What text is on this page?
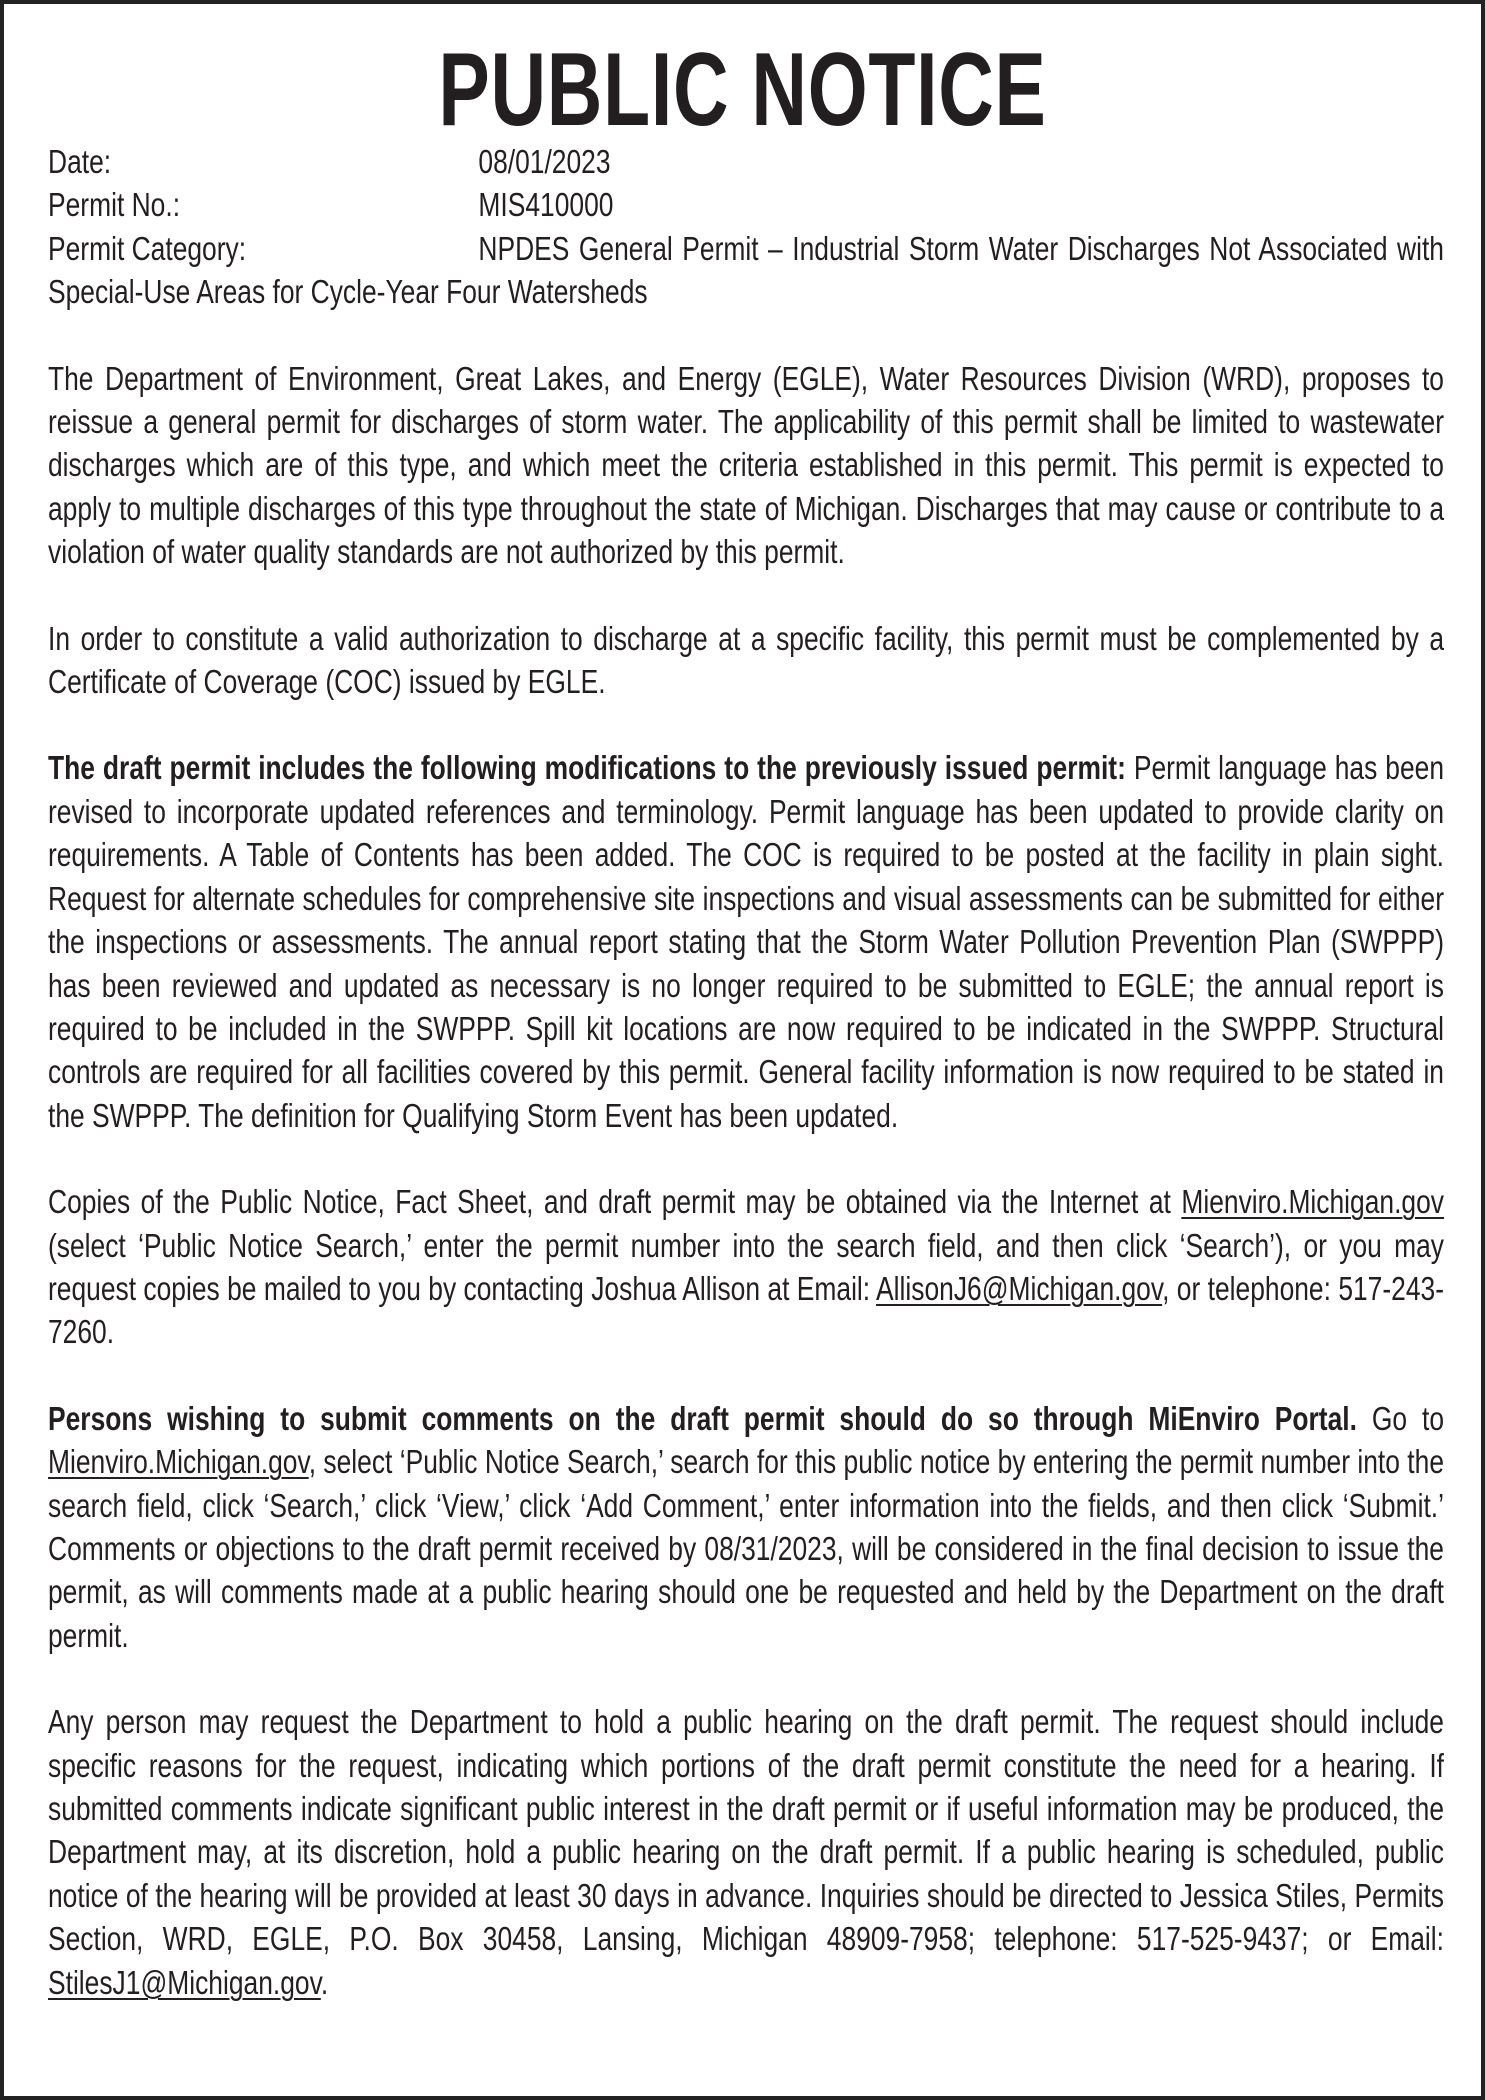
PUBLIC NOTICE
Date:	08/01/2023
Permit No.:	MIS410000
Permit Category:	NPDES General Permit – Industrial Storm Water Discharges Not Associated with Special-Use Areas for Cycle-Year Four Watersheds

The Department of Environment, Great Lakes, and Energy (EGLE), Water Resources Division (WRD), proposes to reissue a general permit for discharges of storm water. The applicability of this permit shall be limited to wastewater discharges which are of this type, and which meet the criteria established in this permit. This permit is expected to apply to multiple discharges of this type throughout the state of Michigan. Discharges that may cause or contribute to a violation of water quality standards are not authorized by this permit.

In order to constitute a valid authorization to discharge at a specific facility, this permit must be complemented by a Certificate of Coverage (COC) issued by EGLE.

The draft permit includes the following modifications to the previously issued permit: Permit language has been revised to incorporate updated references and terminology. Permit language has been updated to provide clarity on requirements. A Table of Contents has been added. The COC is required to be posted at the facility in plain sight. Request for alternate schedules for comprehensive site inspections and visual assessments can be submitted for either the inspections or assessments. The annual report stating that the Storm Water Pollution Prevention Plan (SWPPP) has been reviewed and updated as necessary is no longer required to be submitted to EGLE; the annual report is required to be included in the SWPPP. Spill kit locations are now required to be indicated in the SWPPP. Structural controls are required for all facilities covered by this permit. General facility information is now required to be stated in the SWPPP. The definition for Qualifying Storm Event has been updated.

Copies of the Public Notice, Fact Sheet, and draft permit may be obtained via the Internet at Mienviro.Michigan.gov (select ‘Public Notice Search,’ enter the permit number into the search field, and then click ‘Search’), or you may request copies be mailed to you by contacting Joshua Allison at Email: AllisonJ6@Michigan.gov, or telephone: 517-243-7260.

Persons wishing to submit comments on the draft permit should do so through MiEnviro Portal. Go to Mienviro.Michigan.gov, select ‘Public Notice Search,’ search for this public notice by entering the permit number into the search field, click ‘Search,’ click ‘View,’ click ‘Add Comment,’ enter information into the fields, and then click ‘Submit.’ Comments or objections to the draft permit received by 08/31/2023, will be considered in the final decision to issue the permit, as will comments made at a public hearing should one be requested and held by the Department on the draft permit.

Any person may request the Department to hold a public hearing on the draft permit. The request should include specific reasons for the request, indicating which portions of the draft permit constitute the need for a hearing. If submitted comments indicate significant public interest in the draft permit or if useful information may be produced, the Department may, at its discretion, hold a public hearing on the draft permit. If a public hearing is scheduled, public notice of the hearing will be provided at least 30 days in advance. Inquiries should be directed to Jessica Stiles, Permits Section, WRD, EGLE, P.O. Box 30458, Lansing, Michigan 48909-7958; telephone: 517-525-9437; or Email: StilesJ1@Michigan.gov.
